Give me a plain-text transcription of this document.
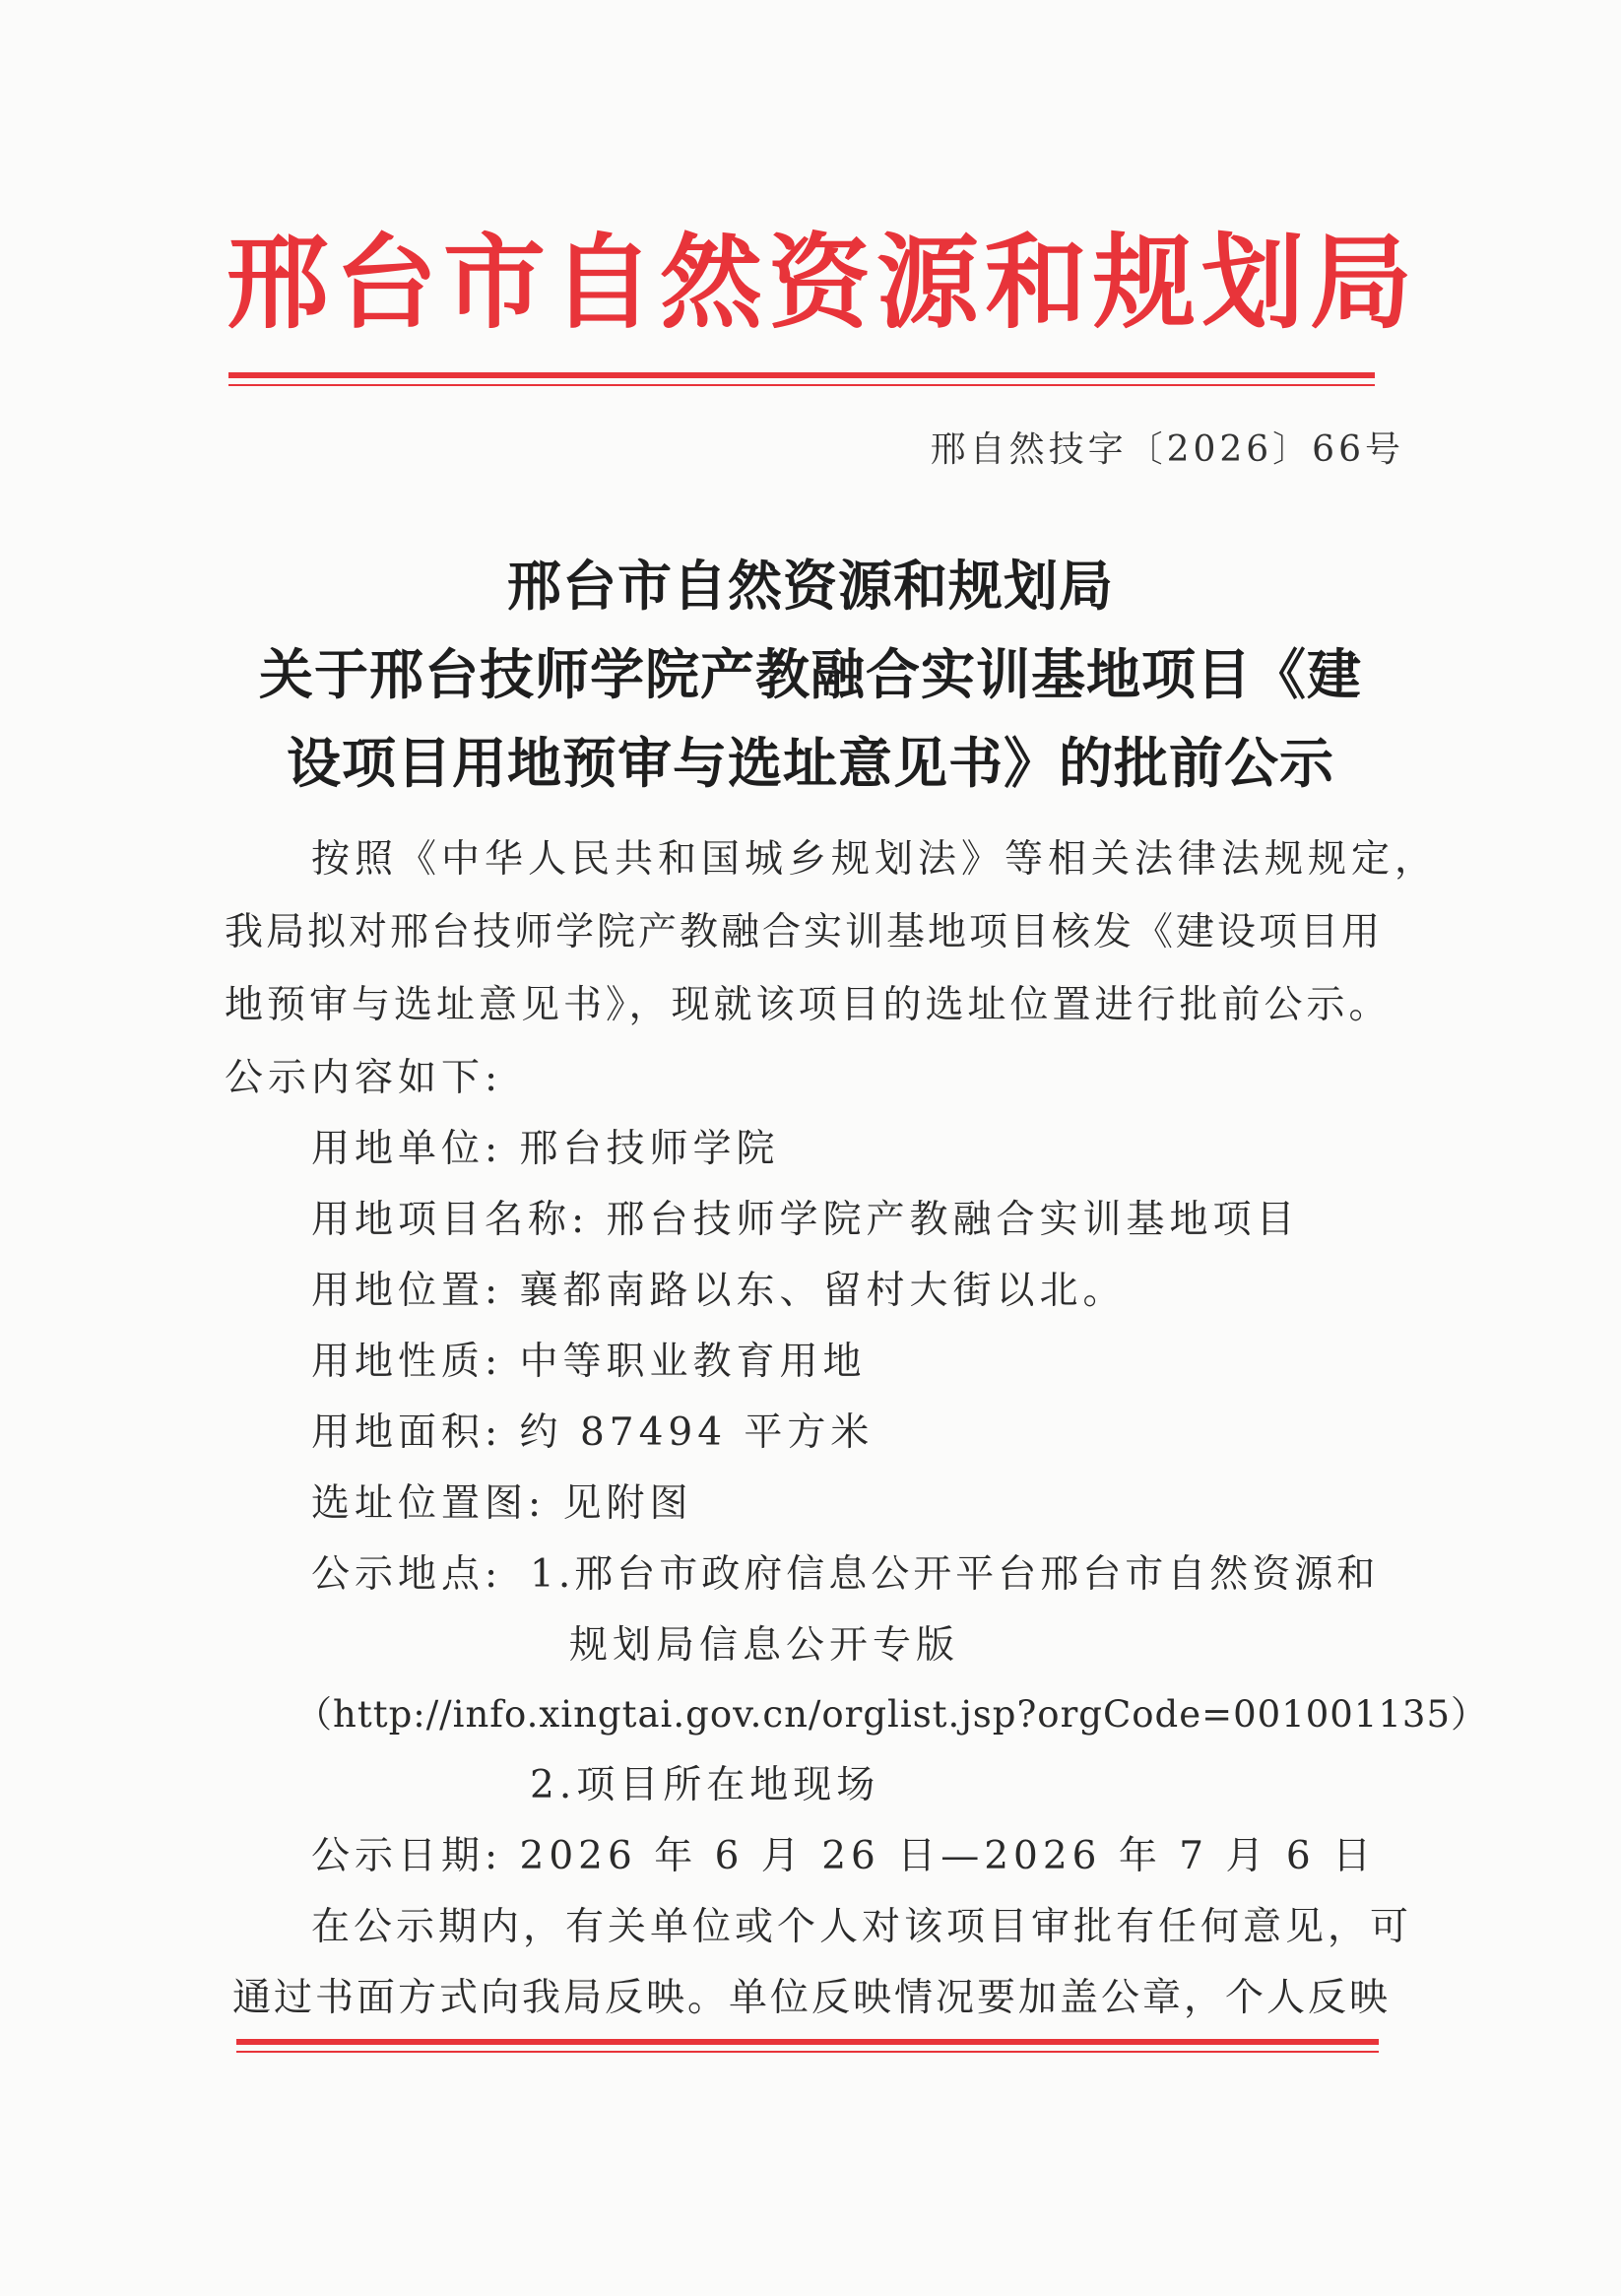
邢台市自然资源和规划局
邢自然技字〔2026〕66号
邢台市自然资源和规划局
关于邢台技师学院产教融合实训基地项目《建
设项目用地预审与选址意见书》的批前公示
按照《中华人民共和国城乡规划法》等相关法律法规规定，
我局拟对邢台技师学院产教融合实训基地项目核发《建设项目用
地预审与选址意见书》，现就该项目的选址位置进行批前公示。
公示内容如下:
用地单位: 邢台技师学院
用地项目名称: 邢台技师学院产教融合实训基地项目
用地位置: 襄都南路以东、留村大街以北。
用地性质: 中等职业教育用地
用地面积: 约 87494 平方米
选址位置图: 见附图
公示地点: 1.邢台市政府信息公开平台邢台市自然资源和
规划局信息公开专版
（http://info.xingtai.gov.cn/orglist.jsp?orgCode=001001135）
2.项目所在地现场
公示日期: 2026 年 6 月 26 日—2026 年 7 月 6 日
在公示期内，有关单位或个人对该项目审批有任何意见，可
通过书面方式向我局反映。单位反映情况要加盖公章，个人反映
